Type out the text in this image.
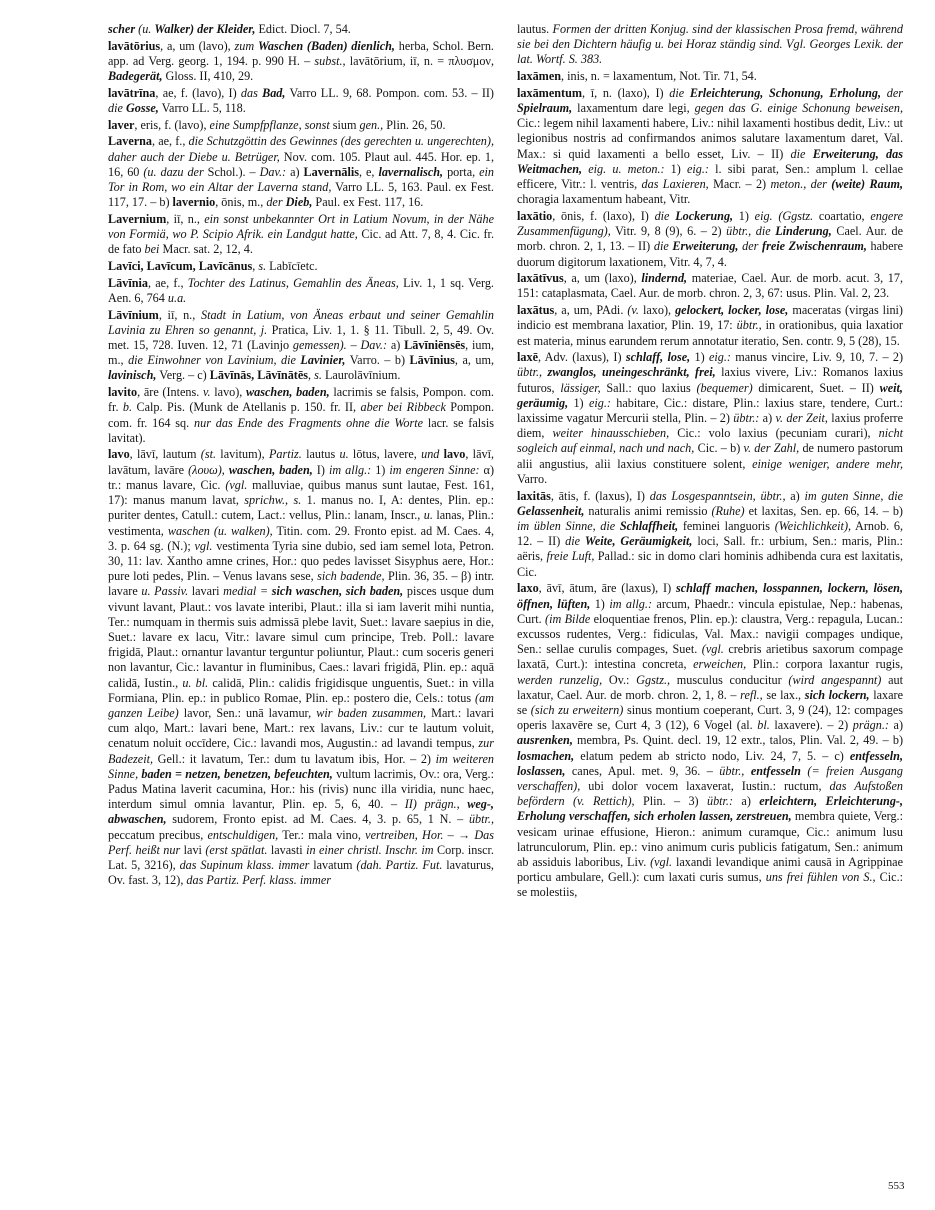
scher (u. Walker) der Kleider, Edict. Diocl. 7, 54.
lavātōrius, a, um (lavo), zum Waschen (Baden) dienlich, herba, Schol. Bern. app. ad Verg. georg. 1, 194. p. 990 H. – subst., lavātōrium, iī, n. = πλυσμον, Badegerät, Gloss. II, 410, 29.
lavātrīna, ae, f. (lavo), I) das Bad, Varro LL. 9, 68. Pompon. com. 53. – II) die Gosse, Varro LL. 5, 118.
laver, eris, f. (lavo), eine Sumpfpflanze, sonst sium gen., Plin. 26, 50.
Laverna, ae, f., die Schutzgöttin des Gewinnes (des gerechten u. ungerechten), daher auch der Diebe u. Betrüger, Nov. com. 105. Plaut aul. 445. Hor. ep. 1, 16, 60 (u. dazu der Schol.). – Dav.: a) Lavernālis, e, lavernalisch, porta, ein Tor in Rom, wo ein Altar der Laverna stand, Varro LL. 5, 163. Paul. ex Fest. 117, 17. – b) lavernio, ōnis, m., der Dieb, Paul. ex Fest. 117, 16.
Lavernium, iī, n., ein sonst unbekannter Ort in Latium Novum, in der Nähe von Formiä, wo P. Scipio Afrik. ein Landgut hatte, Cic. ad Att. 7, 8, 4. Cic. fr. de fato bei Macr. sat. 2, 12, 4.
Lavīci, Lavīcum, Lavīcānus, s. Labīcīetc.
Lāvīnia, ae, f., Tochter des Latinus, Gemahlin des Äneas, Liv. 1, 1 sq. Verg. Aen. 6, 764 u.a.
Lāvīnium, iī, n., Stadt in Latium, von Äneas erbaut und seiner Gemahlin Lavinia zu Ehren so genannt, j. Pratica, Liv. 1, 1. § 11. Tibull. 2, 5, 49. Ov. met. 15, 728. Iuven. 12, 71 (Lavinjo gemessen). – Dav.: a) Lāvīniēnsēs, ium, m., die Einwohner von Lavinium, die Lavinier, Varro. – b) Lāvīnius, a, um, lavinisch, Verg. – c) Lāvīnās, Lāvīnātēs, s. Laurolāvīnium.
lavito, āre (Intens. v. lavo), waschen, baden, lacrimis se falsis, Pompon. com. fr. b. Calp. Pis. (Munk de Atellanis p. 150. fr. II, aber bei Ribbeck Pompon. com. fr. 164 sq. nur das Ende des Fragments ohne die Worte lacr. se falsis lavitat).
lavo, lāvī, lautum (st. lavitum), Partiz. lautus u. lōtus, lavere, und lavo, lāvī, lavātum, lavāre (λουω), waschen, baden, I) im allg.: 1) im engeren Sinne: α) tr.: manus lavare, Cic. (vgl. malluviae, quibus manus sunt lautae, Fest. 161, 17): manus manum lavat, sprichw., s. 1. manus no. I, A: dentes, Plin. ep.: puriter dentes, Catull.: cutem, Lact.: vellus, Plin.: lanam, Inscr., u. lanas, Plin.: vestimenta, waschen (u. walken), Titin. com. 29. Fronto epist. ad M. Caes. 4, 3. p. 64 sg. (N.); vgl. vestimenta Tyria sine dubio, sed iam semel lota, Petron. 30, 11: lav. Xantho amne crines, Hor.: quo pedes lavisset Sisyphus aere, Hor.: pure loti pedes, Plin. – Venus lavans sese, sich badende, Plin. 36, 35. – β) intr. lavare u. Passiv. lavari medial = sich waschen, sich baden, pisces usque dum vivunt lavant, Plaut.: vos lavate interibi, Plaut.: illa si iam laverit mihi nuntia, Ter.: numquam in thermis suis admissā plebe lavit, Suet.: lavare saepius in die, Suet.: lavare ex lacu, Vitr.: lavare simul cum principe, Treb. Poll.: lavare frigidā, Plaut.: ornantur lavantur terguntur poliuntur, Plaut.: cum soceris generi non lavantur, Cic.: lavantur in fluminibus, Caes.: lavari frigidā, Plin. ep.: aquā calidā, Iustin., u. bl. calidā, Plin.: calidis frigidisque unguentis, Suet.: in villa Formiana, Plin. ep.: in publico Romae, Plin. ep.: postero die, Cels.: totus (am ganzen Leibe) lavor, Sen.: unā lavamur, wir baden zusammen, Mart.: lavari cum alqo, Mart.: lavari bene, Mart.: rex lavans, Liv.: cur te lautum voluit, cenatum noluit occīdere, Cic.: lavandi mos, Augustin.: ad lavandi tempus, zur Badezeit, Gell.: it lavatum, Ter.: dum tu lavatum ibis, Hor. – 2) im weiteren Sinne, baden = netzen, benetzen, befeuchten, vultum lacrimis, Ov.: ora, Verg.: Padus Matina laverit cacumina, Hor.: his (rivis) nunc illa viridia, nunc haec, interdum simul omnia lavantur, Plin. ep. 5, 6, 40. – II) prägn., weg-, abwaschen, sudorem, Fronto epist. ad M. Caes. 4, 3. p. 65, 1 N. – übtr., peccatum precibus, entschuldigen, Ter.: mala vino, vertreiben, Hor. – → Das Perf. heißt nur lavi (erst spätlat. lavasti in einer christl. Inschr. im Corp. inscr. Lat. 5, 3216), das Supinum klass. immer lavatum (dah. Partiz. Fut. lavaturus, Ov. fast. 3, 12), das Partiz. Perf. klass. immer
lautus. Formen der dritten Konjug. sind der klassischen Prosa fremd, während sie bei den Dichtern häufig u. bei Horaz ständig sind. Vgl. Georges Lexik. der lat. Wortf. S. 383.
laxāmen, inis, n. = laxamentum, Not. Tir. 71, 54.
laxāmentum, ī, n. (laxo), I) die Erleichterung, Schonung, Erholung, der Spielraum, laxamentum dare legi, gegen das G. einige Schonung beweisen, Cic.: legem nihil laxamenti habere, Liv.: nihil laxamenti hostibus dedit, Liv.: ut legionibus nostris ad confirmandos animos salutare laxamentum daret, Val. Max.: si quid laxamenti a bello esset, Liv. – II) die Erweiterung, das Weitmachen, eig. u. meton.: 1) eig.: l. sibi parat, Sen.: amplum l. cellae efficere, Vitr.: l. ventris, das Laxieren, Macr. – 2) meton., der (weite) Raum, choragia laxamentum habeant, Vitr.
laxātio, ōnis, f. (laxo), I) die Lockerung, 1) eig. (Ggstz. coartatio, engere Zusammenfügung), Vitr. 9, 8 (9), 6. – 2) übtr., die Linderung, Cael. Aur. de morb. chron. 2, 1, 13. – II) die Erweiterung, der freie Zwischenraum, habere duorum digitorum laxationem, Vitr. 4, 7, 4.
laxātīvus, a, um (laxo), lindernd, materiae, Cael. Aur. de morb. acut. 3, 17, 151: cataplasmata, Cael. Aur. de morb. chron. 2, 3, 67: usus. Plin. Val. 2, 23.
laxātus, a, um, PAdi. (v. laxo), gelockert, locker, lose, maceratas (virgas lini) indicio est membrana laxatior, Plin. 19, 17: übtr., in orationibus, quia laxatior est materia, minus earundem rerum annotatur iteratio, Sen. contr. 9, 5 (28), 15.
laxē, Adv. (laxus), I) schlaff, lose, 1) eig.: manus vincire, Liv. 9, 10, 7. – 2) übtr., zwanglos, uneingeschränkt, frei, laxius vivere, Liv.: Romanos laxius futuros, lässiger, Sall.: quo laxius (bequemer) dimicarent, Suet. – II) weit, geräumig, 1) eig.: habitare, Cic.: distare, Plin.: laxius stare, tendere, Curt.: laxissime vagatur Mercurii stella, Plin. – 2) übtr.: a) v. der Zeit, laxius proferre diem, weiter hinausschieben, Cic.: volo laxius (pecuniam curari), nicht sogleich auf einmal, nach und nach, Cic. – b) v. der Zahl, de numero pastorum alii angustius, alii laxius constituere solent, einige weniger, andere mehr, Varro.
laxitās, ātis, f. (laxus), I) das Losgespanntsein, übtr., a) im guten Sinne, die Gelassenheit, naturalis animi remissio (Ruhe) et laxitas, Sen. ep. 66, 14. – b) im üblen Sinne, die Schlaffheit, feminei languoris (Weichlichkeit), Arnob. 6, 12. – II) die Weite, Geräumigkeit, loci, Sall. fr.: urbium, Sen.: maris, Plin.: aëris, freie Luft, Pallad.: sic in domo clari hominis adhibenda cura est laxitatis, Cic.
laxo, āvī, ātum, āre (laxus), I) schlaff machen, losspannen, lockern, lösen, öffnen, lüften, 1) im allg.: arcum, Phaedr.: vincula epistulae, Nep.: habenas, Curt. (im Bilde eloquentiae frenos, Plin. ep.): claustra, Verg.: repagula, Lucan.: excussos rudentes, Verg.: fidiculas, Val. Max.: navigii compages undique, Sen.: sellae curulis compages, Suet. (vgl. crebris arietibus saxorum compage laxatā, Curt.): intestina concreta, erweichen, Plin.: corpora laxantur rugis, werden runzelig, Ov.: Ggstz., musculus conducitur (wird angespannt) aut laxatur, Cael. Aur. de morb. chron. 2, 1, 8. – refl., se lax., sich lockern, laxare se (sich zu erweitern) sinus montium coeperant, Curt. 3, 9 (24), 12: compages operis laxavēre se, Curt 4, 3 (12), 6 Vogel (al. bl. laxavere). – 2) prägn.: a) ausrenken, membra, Ps. Quint. decl. 19, 12 extr., talos, Plin. Val. 2, 49. – b) losmachen, elatum pedem ab stricto nodo, Liv. 24, 7, 5. – c) entfesseln, loslassen, canes, Apul. met. 9, 36. – übtr., entfesseln (= freien Ausgang verschaffen), ubi dolor vocem laxaverat, Iustin.: ructum, das Aufstoßen befördern (v. Rettich), Plin. – 3) übtr.: a) erleichtern, Erleichterung-, Erholung verschaffen, sich erholen lassen, zerstreuen, membra quiete, Verg.: vesicam urinae effusione, Hieron.: animum curamque, Cic.: animum lusu latrunculorum, Plin. ep.: vino animum curis publicis fatigatum, Sen.: animum ab assiduis laboribus, Liv. (vgl. laxandi levandique animi causā in Agrippinae porticu ambulare, Gell.): cum laxati curis sumus, uns frei fühlen von S., Cic.: se molestiis,
553
